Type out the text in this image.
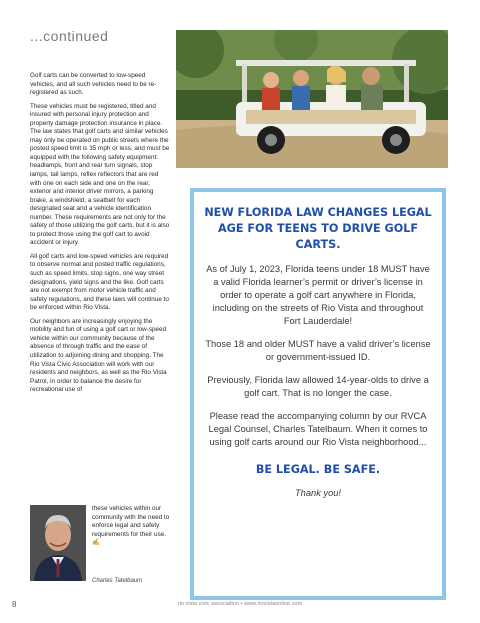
...continued

Golf carts can be converted to low-speed vehicles, and all such vehicles need to be re-registered as such.

These vehicles must be registered, titled and insured with personal injury protection and property damage protection insurance in place. The law states that golf carts and similar vehicles may only be operated on public streets where the posted speed limit is 35 mph or less, and must be equipped with the following safety equipment: headlamps, front and rear turn signals, stop lamps, tail lamps, reflex reflectors that are red with one on each side and one on the rear, exterior and interior driver mirrors, a parking brake, a windshield, a seatbelt for each designated seat and a vehicle identification number. These requirements are not only for the safety of those utilizing the golf carts, but it is also to protect those using the golf cart to avoid accident or injury.

All golf carts and low-speed vehicles are required to observe normal and posted traffic regulations, such as speed limits, stop signs, one way street designations, yield signs and the like. Golf carts are not exempt from motor vehicle traffic and safety regulations, and these laws will continue to be enforced within Rio Vista.

Our neighbors are increasingly enjoying the mobility and fun of using a golf cart or low-speed vehicle within our community because of the absence of through traffic and the ease of utilization to adjoining dining and shopping. The Rio Vista Civic Association will work with our residents and neighbors, as well as the Rio Vista Patrol, in order to balance the desire for recreational use of

NEW FLORIDA LAW CHANGES LEGAL AGE FOR TEENS TO DRIVE GOLF CARTS.
As of July 1, 2023, Florida teens under 18 MUST have a valid Florida learner’s permit or driver’s license in order to operate a golf cart anywhere in Florida, including on the streets of Rio Vista and throughout Fort Lauderdale!
Those 18 and older MUST have a valid driver’s license or government-issued ID.
Previously, Florida law allowed 14-year-olds to drive a golf cart. That is no longer the case.
Please read the accompanying column by our RVCA Legal Counsel, Charles Tatelbaum. When it comes to using golf carts around our Rio Vista neighborhood...
BE LEGAL. BE SAFE.
Thank you!
these vehicles within our community with the need to enforce legal and safety requirements for their use. ✍
Charles Tatelbaum
8	rio vista civic association • www.riovistaonline.com
